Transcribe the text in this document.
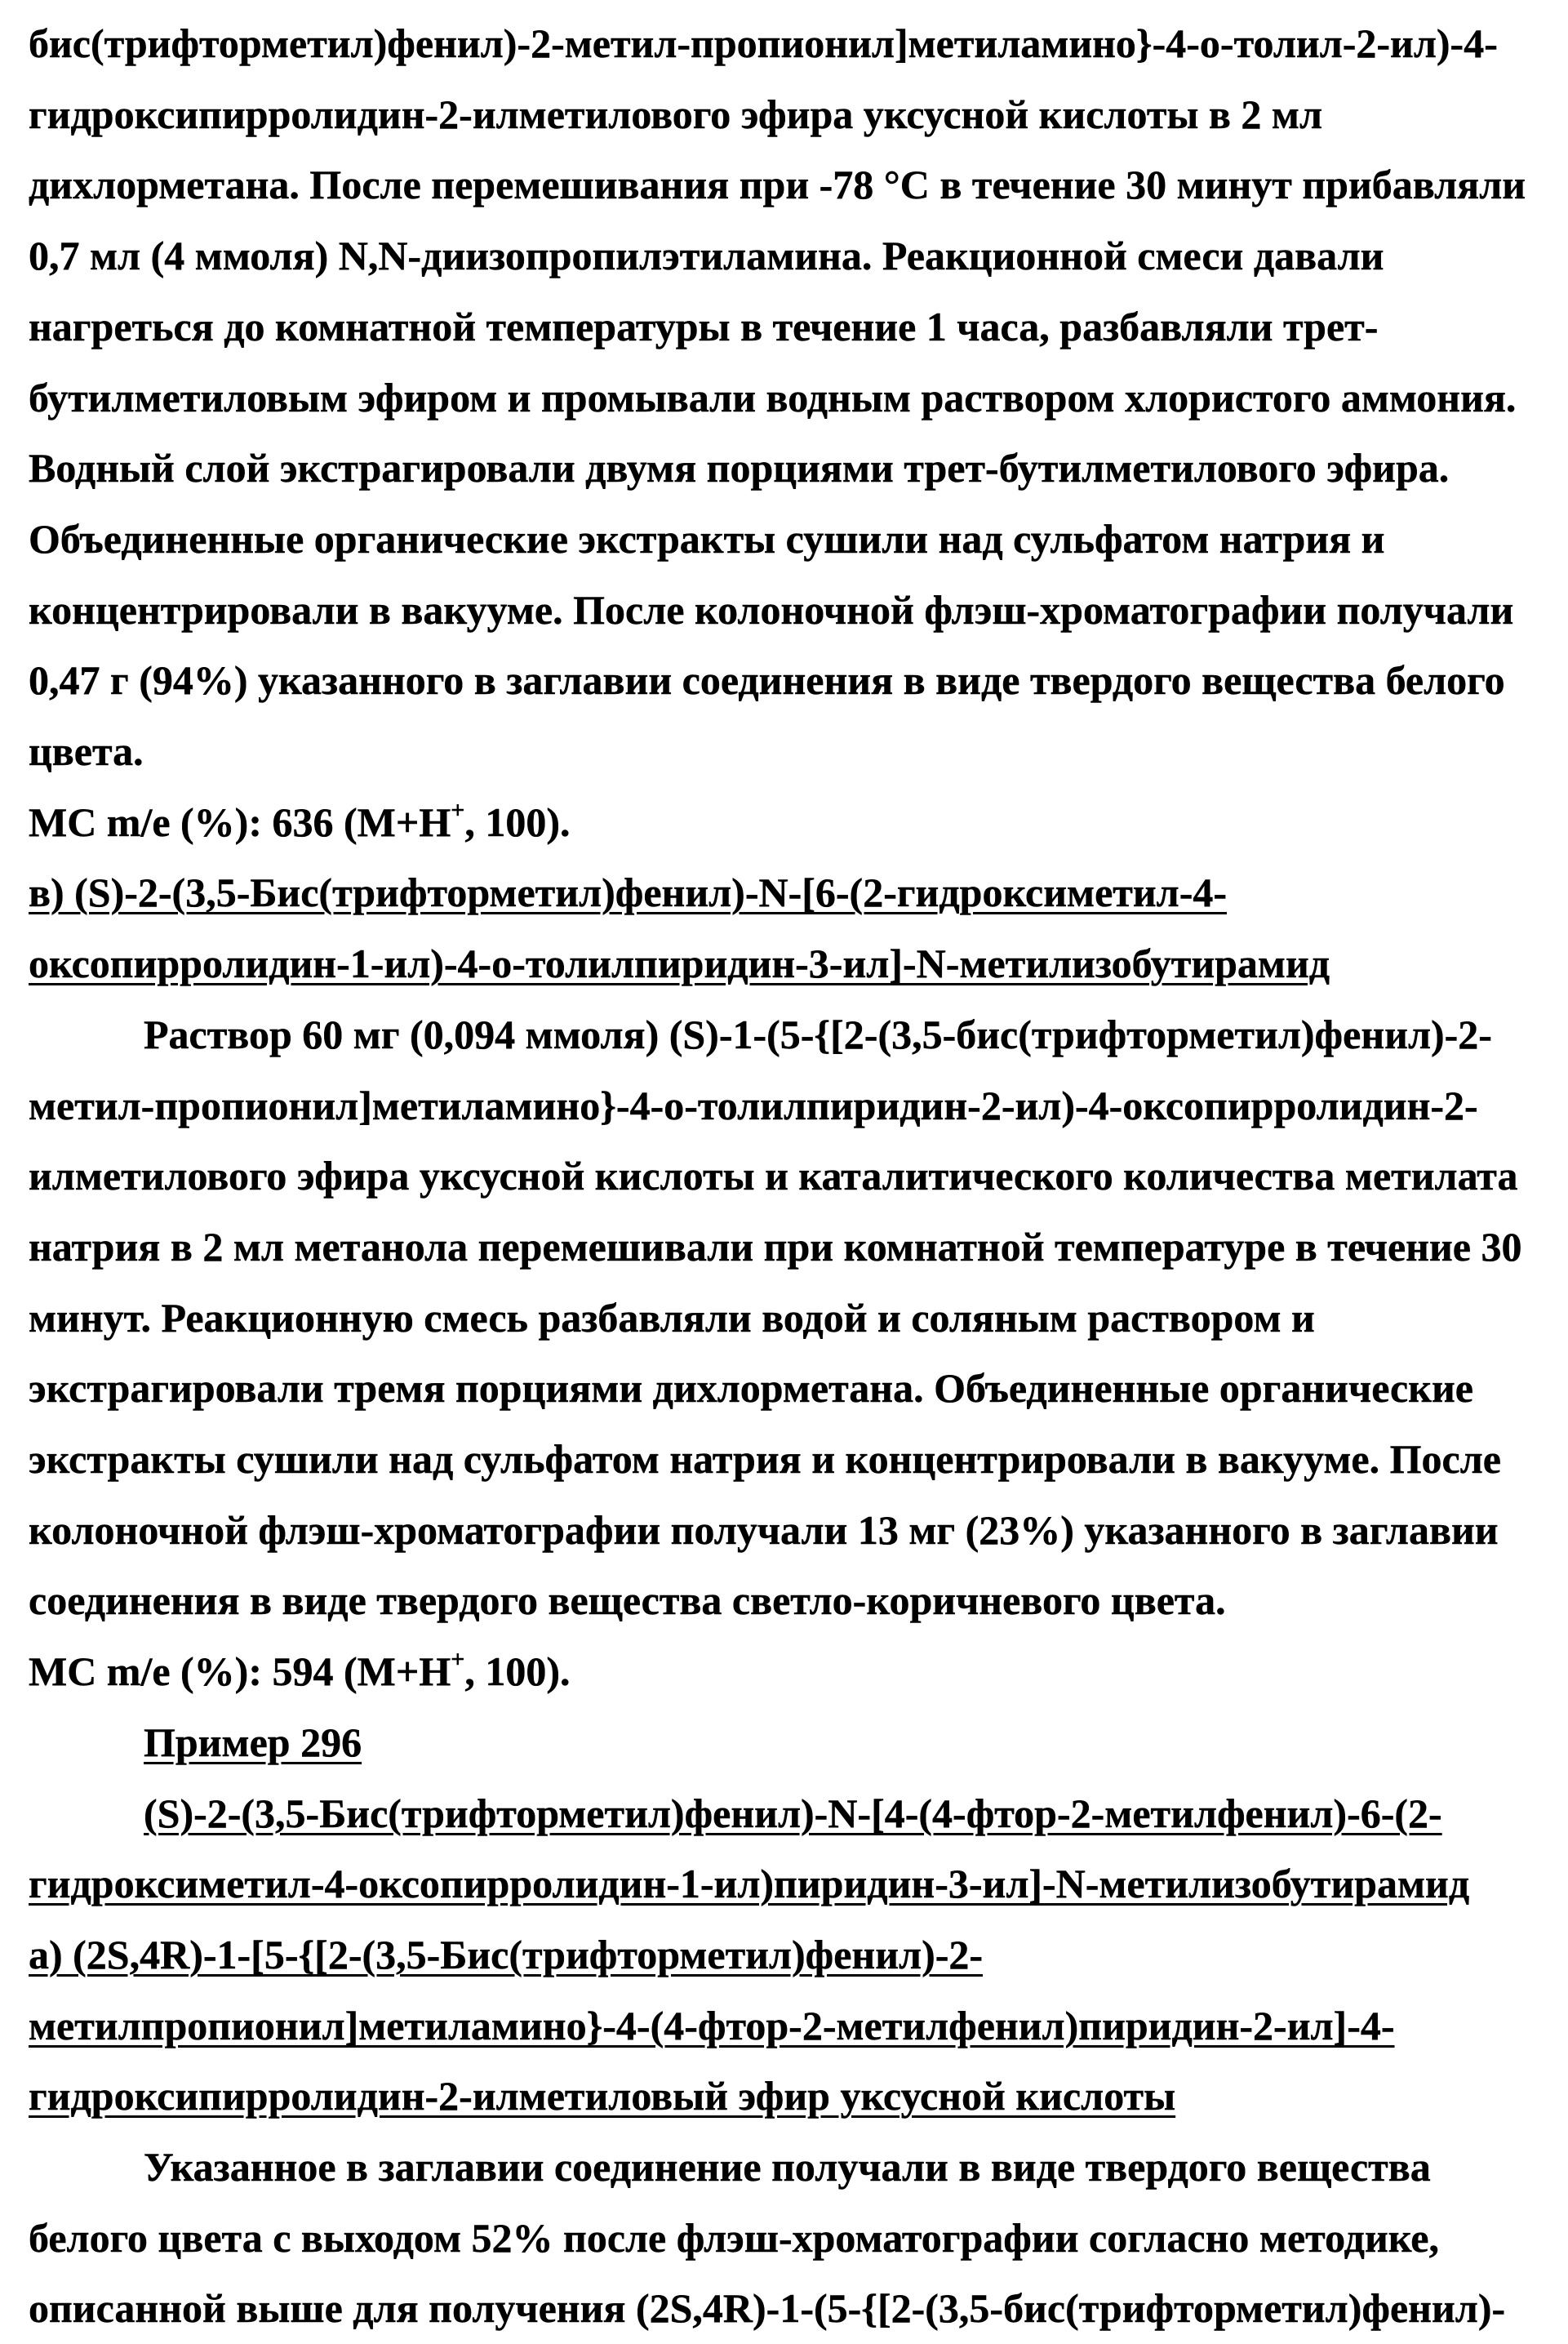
бис(трифторметил)фенил)-2-метил-пропионил]метиламино}-4-о-толил-2-ил)-4-
гидроксипирролидин-2-илметилового эфира уксусной кислоты в 2 мл
дихлорметана. После перемешивания при -78 °C в течение 30 минут прибавляли
0,7 мл (4 ммоля) N,N-диизопропилэтиламина. Реакционной смеси давали
нагреться до комнатной температуры в течение 1 часа, разбавляли трет-
бутилметиловым эфиром и промывали водным раствором хлористого аммония.
Водный слой экстрагировали двумя порциями трет-бутилметилового эфира.
Объединенные органические экстракты сушили над сульфатом натрия и
концентрировали в вакууме. После колоночной флэш-хроматографии получали
0,47 г (94%) указанного в заглавии соединения в виде твердого вещества белого
цвета.
MC m/e (%): 636 (M+H+, 100).
в) (S)-2-(3,5-Бис(трифторметил)фенил)-N-[6-(2-гидроксиметил-4-
оксопирролидин-1-ил)-4-о-толилпиридин-3-ил]-N-метилизобутирамид
Раствор 60 мг (0,094 ммоля) (S)-1-(5-{[2-(3,5-бис(трифторметил)фенил)-2-
метил-пропионил]метиламино}-4-о-толилпиридин-2-ил)-4-оксопирролидин-2-
илметилового эфира уксусной кислоты и каталитического количества метилата
натрия в 2 мл метанола перемешивали при комнатной температуре в течение 30
минут. Реакционную смесь разбавляли водой и соляным раствором и
экстрагировали тремя порциями дихлорметана. Объединенные органические
экстракты сушили над сульфатом натрия и концентрировали в вакууме. После
колоночной флэш-хроматографии получали 13 мг (23%) указанного в заглавии
соединения в виде твердого вещества светло-коричневого цвета.
MC m/e (%): 594 (M+H+, 100).
Пример 296
(S)-2-(3,5-Бис(трифторметил)фенил)-N-[4-(4-фтор-2-метилфенил)-6-(2-
гидроксиметил-4-оксопирролидин-1-ил)пиридин-3-ил]-N-метилизобутирамид
а) (2S,4R)-1-[5-{[2-(3,5-Бис(трифторметил)фенил)-2-
метилпропионил]метиламино}-4-(4-фтор-2-метилфенил)пиридин-2-ил]-4-
гидроксипирролидин-2-илметиловый эфир уксусной кислоты
Указанное в заглавии соединение получали в виде твердого вещества
белого цвета с выходом 52% после флэш-хроматографии согласно методике,
описанной выше для получения (2S,4R)-1-(5-{[2-(3,5-бис(трифторметил)фенил)-
